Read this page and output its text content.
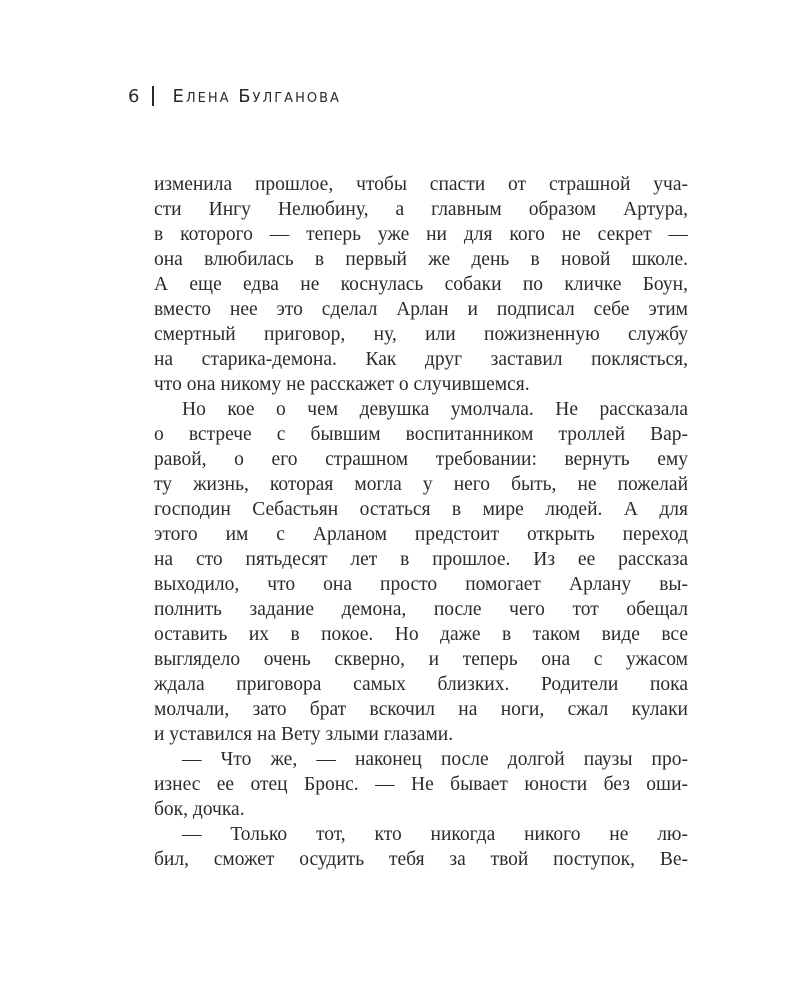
6 Елена Булганова
изменила прошлое, чтобы спасти от страшной уча-
сти Ингу Нелюбину, а главным образом Артура,
в которого — теперь уже ни для кого не секрет —
она влюбилась в первый же день в новой школе.
А еще едва не коснулась собаки по кличке Боун,
вместо нее это сделал Арлан и подписал себе этим
смертный приговор, ну, или пожизненную службу
на старика-демона. Как друг заставил поклясться,
что она никому не расскажет о случившемся.
Но кое о чем девушка умолчала. Не рассказала
о встрече с бывшим воспитанником троллей Вар-
равой, о его страшном требовании: вернуть ему
ту жизнь, которая могла у него быть, не пожелай
господин Себастьян остаться в мире людей. А для
этого им с Арланом предстоит открыть переход
на сто пятьдесят лет в прошлое. Из ее рассказа
выходило, что она просто помогает Арлану вы-
полнить задание демона, после чего тот обещал
оставить их в покое. Но даже в таком виде все
выглядело очень скверно, и теперь она с ужасом
ждала приговора самых близких. Родители пока
молчали, зато брат вскочил на ноги, сжал кулаки
и уставился на Вету злыми глазами.
— Что же, — наконец после долгой паузы про-
изнес ее отец Бронс. — Не бывает юности без оши-
бок, дочка.
— Только тот, кто никогда никого не лю-
бил, сможет осудить тебя за твой поступок, Ве-
